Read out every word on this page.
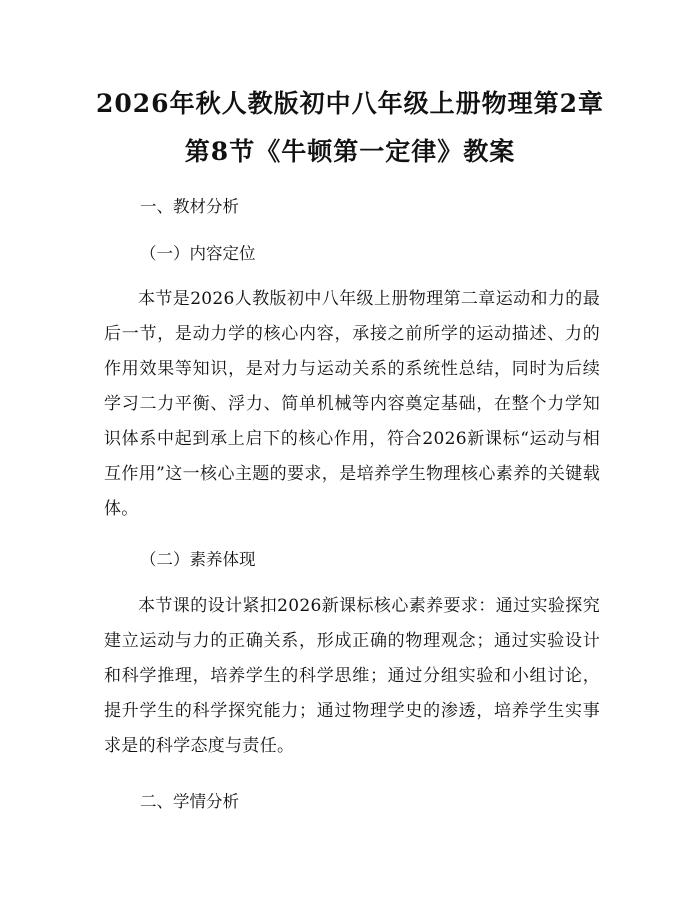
2026年秋人教版初中八年级上册物理第2章
第8节《牛顿第一定律》教案
一、教材分析
（一）内容定位
本节是2026人教版初中八年级上册物理第二章运动和力的最后一节，是动力学的核心内容，承接之前所学的运动描述、力的作用效果等知识，是对力与运动关系的系统性总结，同时为后续学习二力平衡、浮力、简单机械等内容奠定基础，在整个力学知识体系中起到承上启下的核心作用，符合2026新课标“运动与相互作用”这一核心主题的要求，是培养学生物理核心素养的关键载体。
（二）素养体现
本节课的设计紧扣2026新课标核心素养要求：通过实验探究建立运动与力的正确关系，形成正确的物理观念；通过实验设计和科学推理，培养学生的科学思维；通过分组实验和小组讨论，提升学生的科学探究能力；通过物理学史的渗透，培养学生实事求是的科学态度与责任。
二、学情分析
